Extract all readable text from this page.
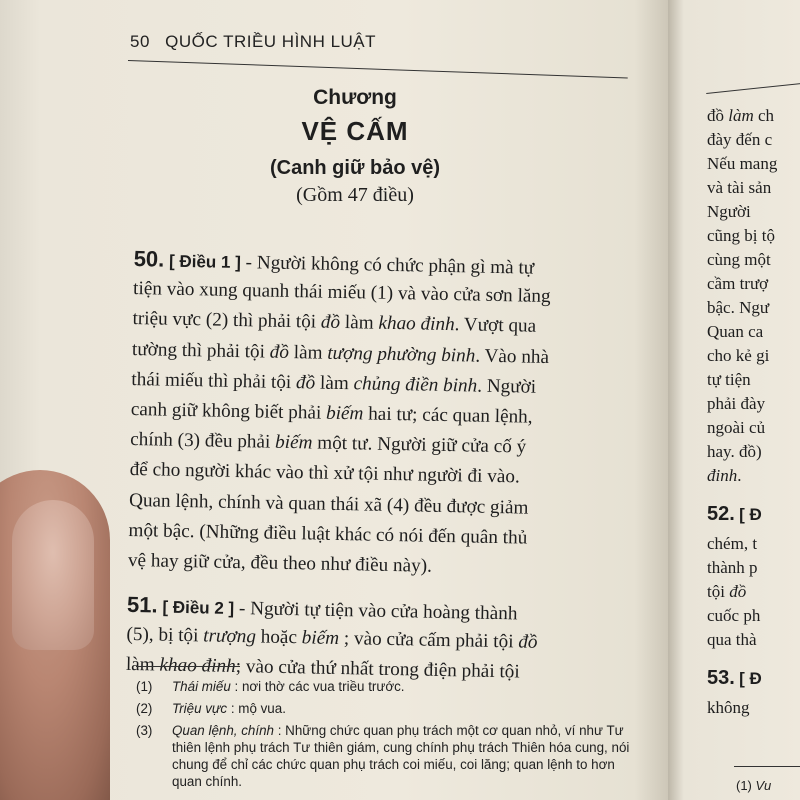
50 QUỐC TRIỀU HÌNH LUẬT
Chương
VỆ CẤM
(Canh giữ bảo vệ)
(Gồm 47 điều)
50. [ Điều 1 ] - Người không có chức phận gì mà tự
tiện vào xung quanh thái miếu (1) và vào cửa sơn lăng
triệu vực (2) thì phải tội đồ làm khao đinh. Vượt qua
tường thì phải tội đồ làm tượng phường binh. Vào nhà
thái miếu thì phải tội đồ làm chủng điền binh. Người
canh giữ không biết phải biếm hai tư; các quan lệnh,
chính (3) đều phải biếm một tư. Người giữ cửa cố ý
để cho người khác vào thì xử tội như người đi vào.
Quan lệnh, chính và quan thái xã (4) đều được giảm
một bậc. (Những điều luật khác có nói đến quân thủ
vệ hay giữ cửa, đều theo như điều này).
51. [ Điều 2 ] - Người tự tiện vào cửa hoàng thành
(5), bị tội trượng hoặc biếm ; vào cửa cấm phải tội đồ
làm khao đinh; vào cửa thứ nhất trong điện phải tội
(1)	Thái miếu : nơi thờ các vua triều trước.
(2)	Triệu vực : mộ vua.
(3)	Quan lệnh, chính : Những chức quan phụ trách một cơ quan nhỏ, ví như Tư thiên lệnh phụ trách Tư thiên giám, cung chính phụ trách Thiên hóa cung, nói chung để chỉ các chức quan phụ trách coi miếu, coi lăng; quan lệnh to hơn quan chính.
đồ làm ch
đày đến c
Nếu mang
và tài sản
Người
cũng bị tộ
cùng một
cầm trượ
bậc. Ngư
Quan ca
cho kẻ gi
tự tiện
phải đày
ngoài củ
hay. đồ)
đinh.
52. [ Đ
chém, t
thành p
tội đồ
cuốc ph
qua thà
53. [ Đ
không
(1) Vu
